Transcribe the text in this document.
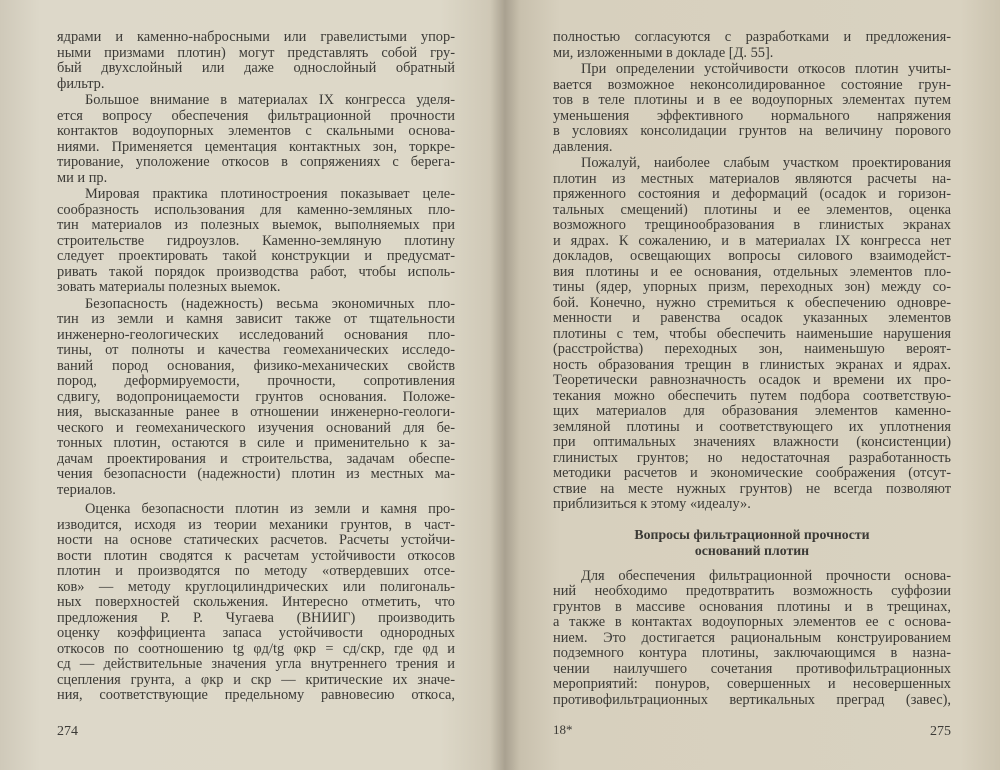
ядрами и каменно-набросными или гравелистыми упор-
ными призмами плотин) могут представлять собой гру-
бый двухслойный или даже однослойный обратный
фильтр.
Большое внимание в материалах IX конгресса уделя-
ется вопросу обеспечения фильтрационной прочности
контактов водоупорных элементов с скальными основа-
ниями. Применяется цементация контактных зон, торкре-
тирование, уположение откосов в сопряжениях с берега-
ми и пр.
Мировая практика плотиностроения показывает целе-
сообразность использования для каменно-земляных пло-
тин материалов из полезных выемок, выполняемых при
строительстве гидроузлов. Каменно-земляную плотину
следует проектировать такой конструкции и предусмат-
ривать такой порядок производства работ, чтобы исполь-
зовать материалы полезных выемок.
Безопасность (надежность) весьма экономичных пло-
тин из земли и камня зависит также от тщательности
инженерно-геологических исследований основания пло-
тины, от полноты и качества геомеханических исследо-
ваний пород основания, физико-механических свойств
пород, деформируемости, прочности, сопротивления
сдвигу, водопроницаемости грунтов основания. Положе-
ния, высказанные ранее в отношении инженерно-геологи-
ческого и геомеханического изучения оснований для бе-
тонных плотин, остаются в силе и применительно к за-
дачам проектирования и строительства, задачам обеспе-
чения безопасности (надежности) плотин из местных ма-
териалов.
Оценка безопасности плотин из земли и камня про-
изводится, исходя из теории механики грунтов, в част-
ности на основе статических расчетов. Расчеты устойчи-
вости плотин сводятся к расчетам устойчивости откосов
плотин и производятся по методу «отвердевших отсе-
ков» — методу круглоцилиндрических или полигональ-
ных поверхностей скольжения. Интересно отметить, что
предложения Р. Р. Чугаева (ВНИИГ) производить
оценку коэффициента запаса устойчивости однородных
откосов по соотношению tg φд/tg φкр = cд/cкр, где φд и
cд — действительные значения угла внутреннего трения и
сцепления грунта, а φкр и cкр — критические их значе-
ния, соответствующие предельному равновесию откоса,
полностью согласуются с разработками и предложения-
ми, изложенными в докладе [Д. 55].
При определении устойчивости откосов плотин учиты-
вается возможное неконсолидированное состояние грун-
тов в теле плотины и в ее водоупорных элементах путем
уменьшения эффективного нормального напряжения
в условиях консолидации грунтов на величину порового
давления.
Пожалуй, наиболее слабым участком проектирования
плотин из местных материалов являются расчеты на-
пряженного состояния и деформаций (осадок и горизон-
тальных смещений) плотины и ее элементов, оценка
возможного трещинообразования в глинистых экранах
и ядрах. К сожалению, и в материалах IX конгресса нет
докладов, освещающих вопросы силового взаимодейст-
вия плотины и ее основания, отдельных элементов пло-
тины (ядер, упорных призм, переходных зон) между со-
бой. Конечно, нужно стремиться к обеспечению одновре-
менности и равенства осадок указанных элементов
плотины с тем, чтобы обеспечить наименьшие нарушения
(расстройства) переходных зон, наименьшую вероят-
ность образования трещин в глинистых экранах и ядрах.
Теоретически равнозначность осадок и времени их про-
текания можно обеспечить путем подбора соответствую-
щих материалов для образования элементов каменно-
земляной плотины и соответствующего их уплотнения
при оптимальных значениях влажности (консистенции)
глинистых грунтов; но недостаточная разработанность
методики расчетов и экономические соображения (отсут-
ствие на месте нужных грунтов) не всегда позволяют
приблизиться к этому «идеалу».
Вопросы фильтрационной прочности
оснований плотин
Для обеспечения фильтрационной прочности основа-
ний необходимо предотвратить возможность суффозии
грунтов в массиве основания плотины и в трещинах,
а также в контактах водоупорных элементов ее с основа-
нием. Это достигается рациональным конструированием
подземного контура плотины, заключающимся в назна-
чении наилучшего сочетания противофильтрационных
мероприятий: понуров, совершенных и несовершенных
противофильтрационных вертикальных преград (завес),
274	18*	275
